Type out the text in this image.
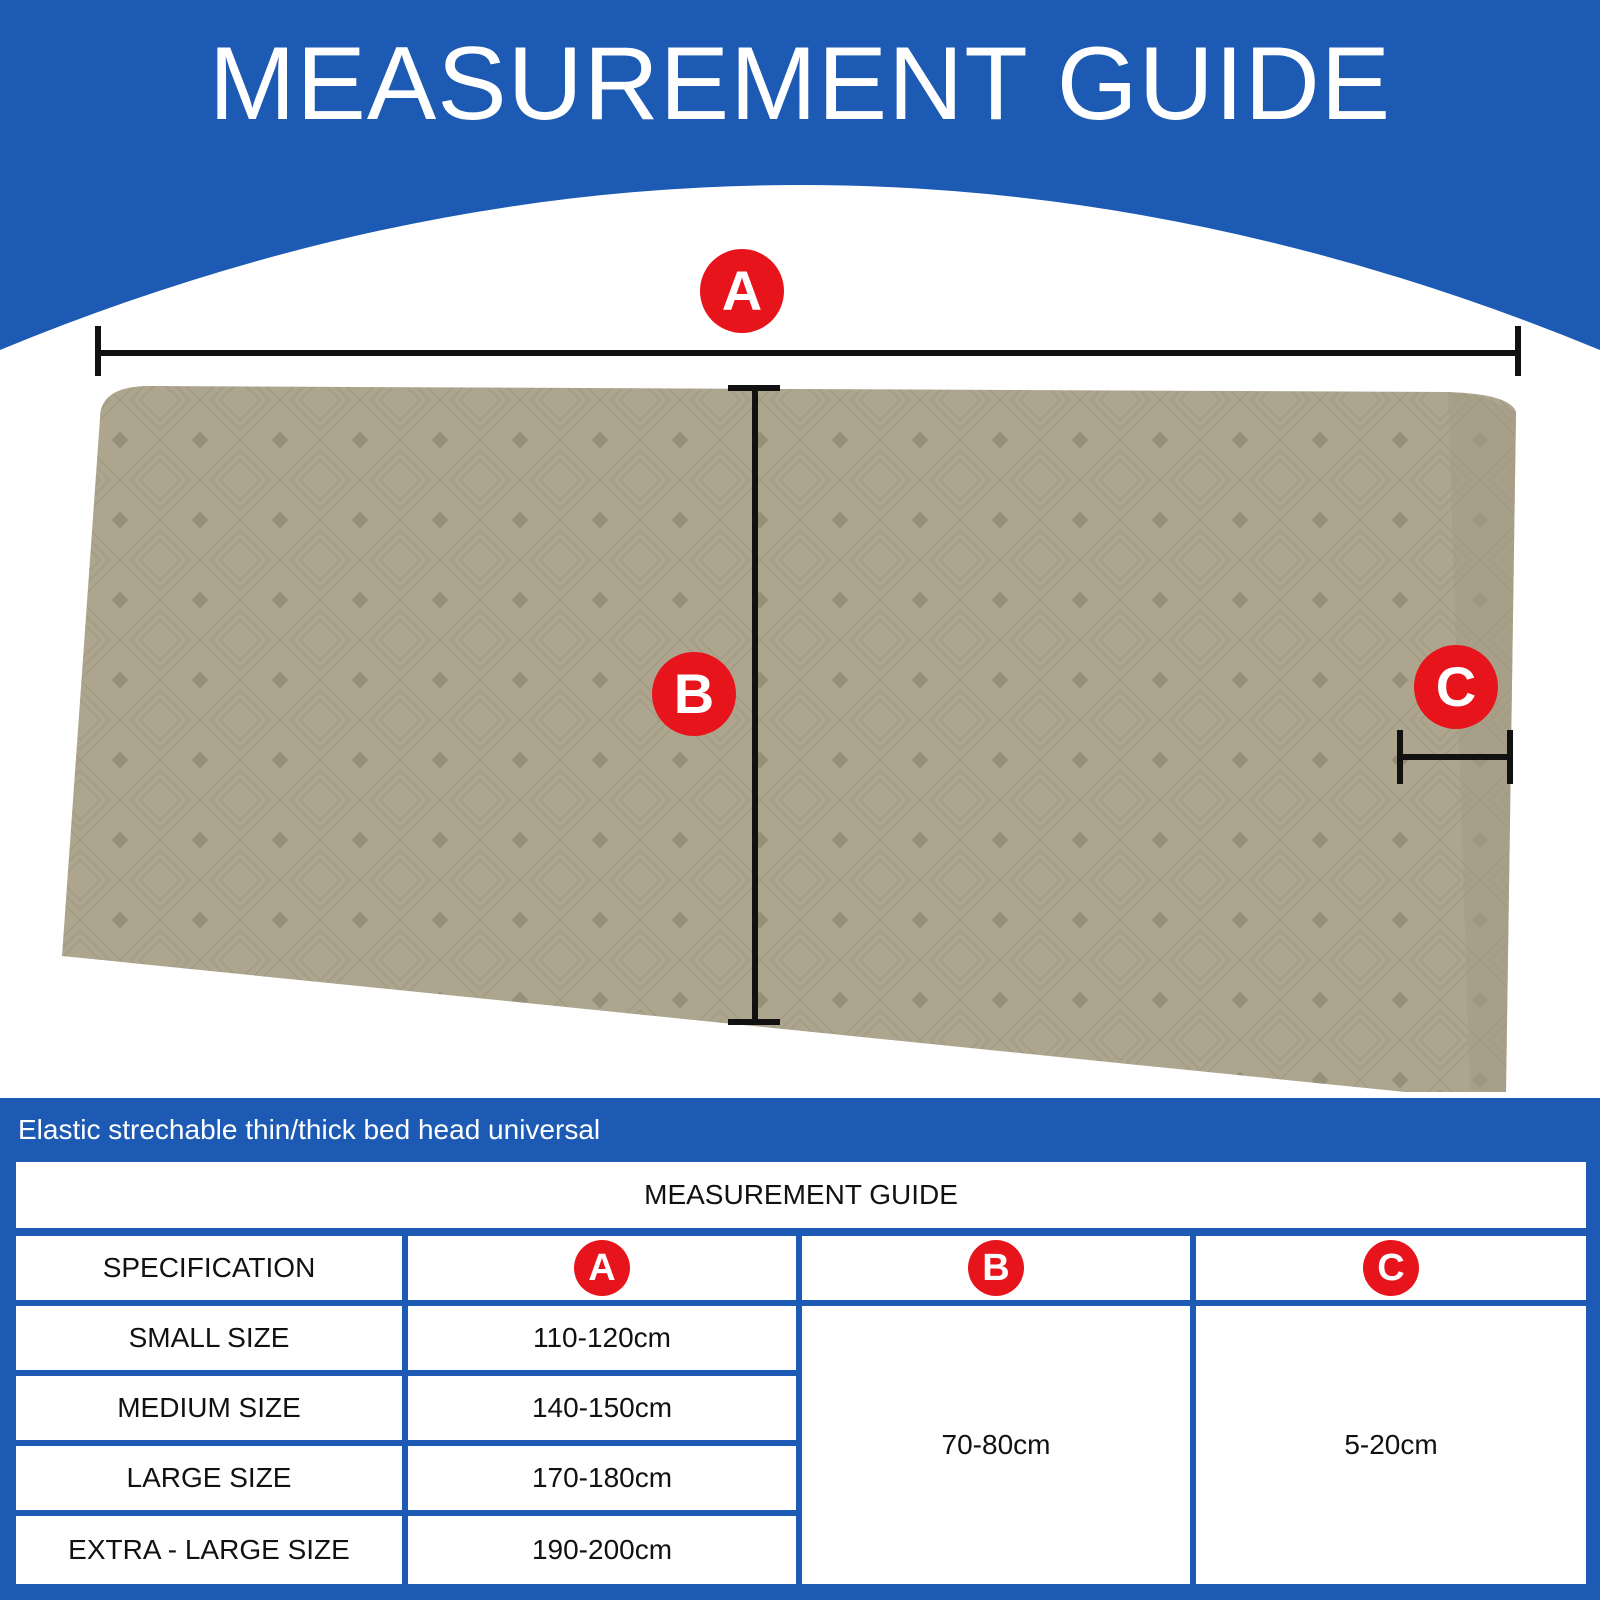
MEASUREMENT GUIDE
A
B	C
Elastic strechable thin/thick bed head universal
MEASUREMENT GUIDE
SPECIFICATION	A	B	C
SMALL SIZE	110-120cm
MEDIUM SIZE	140-150cm
LARGE SIZE	170-180cm
EXTRA - LARGE SIZE	190-200cm
70-80cm	5-20cm
